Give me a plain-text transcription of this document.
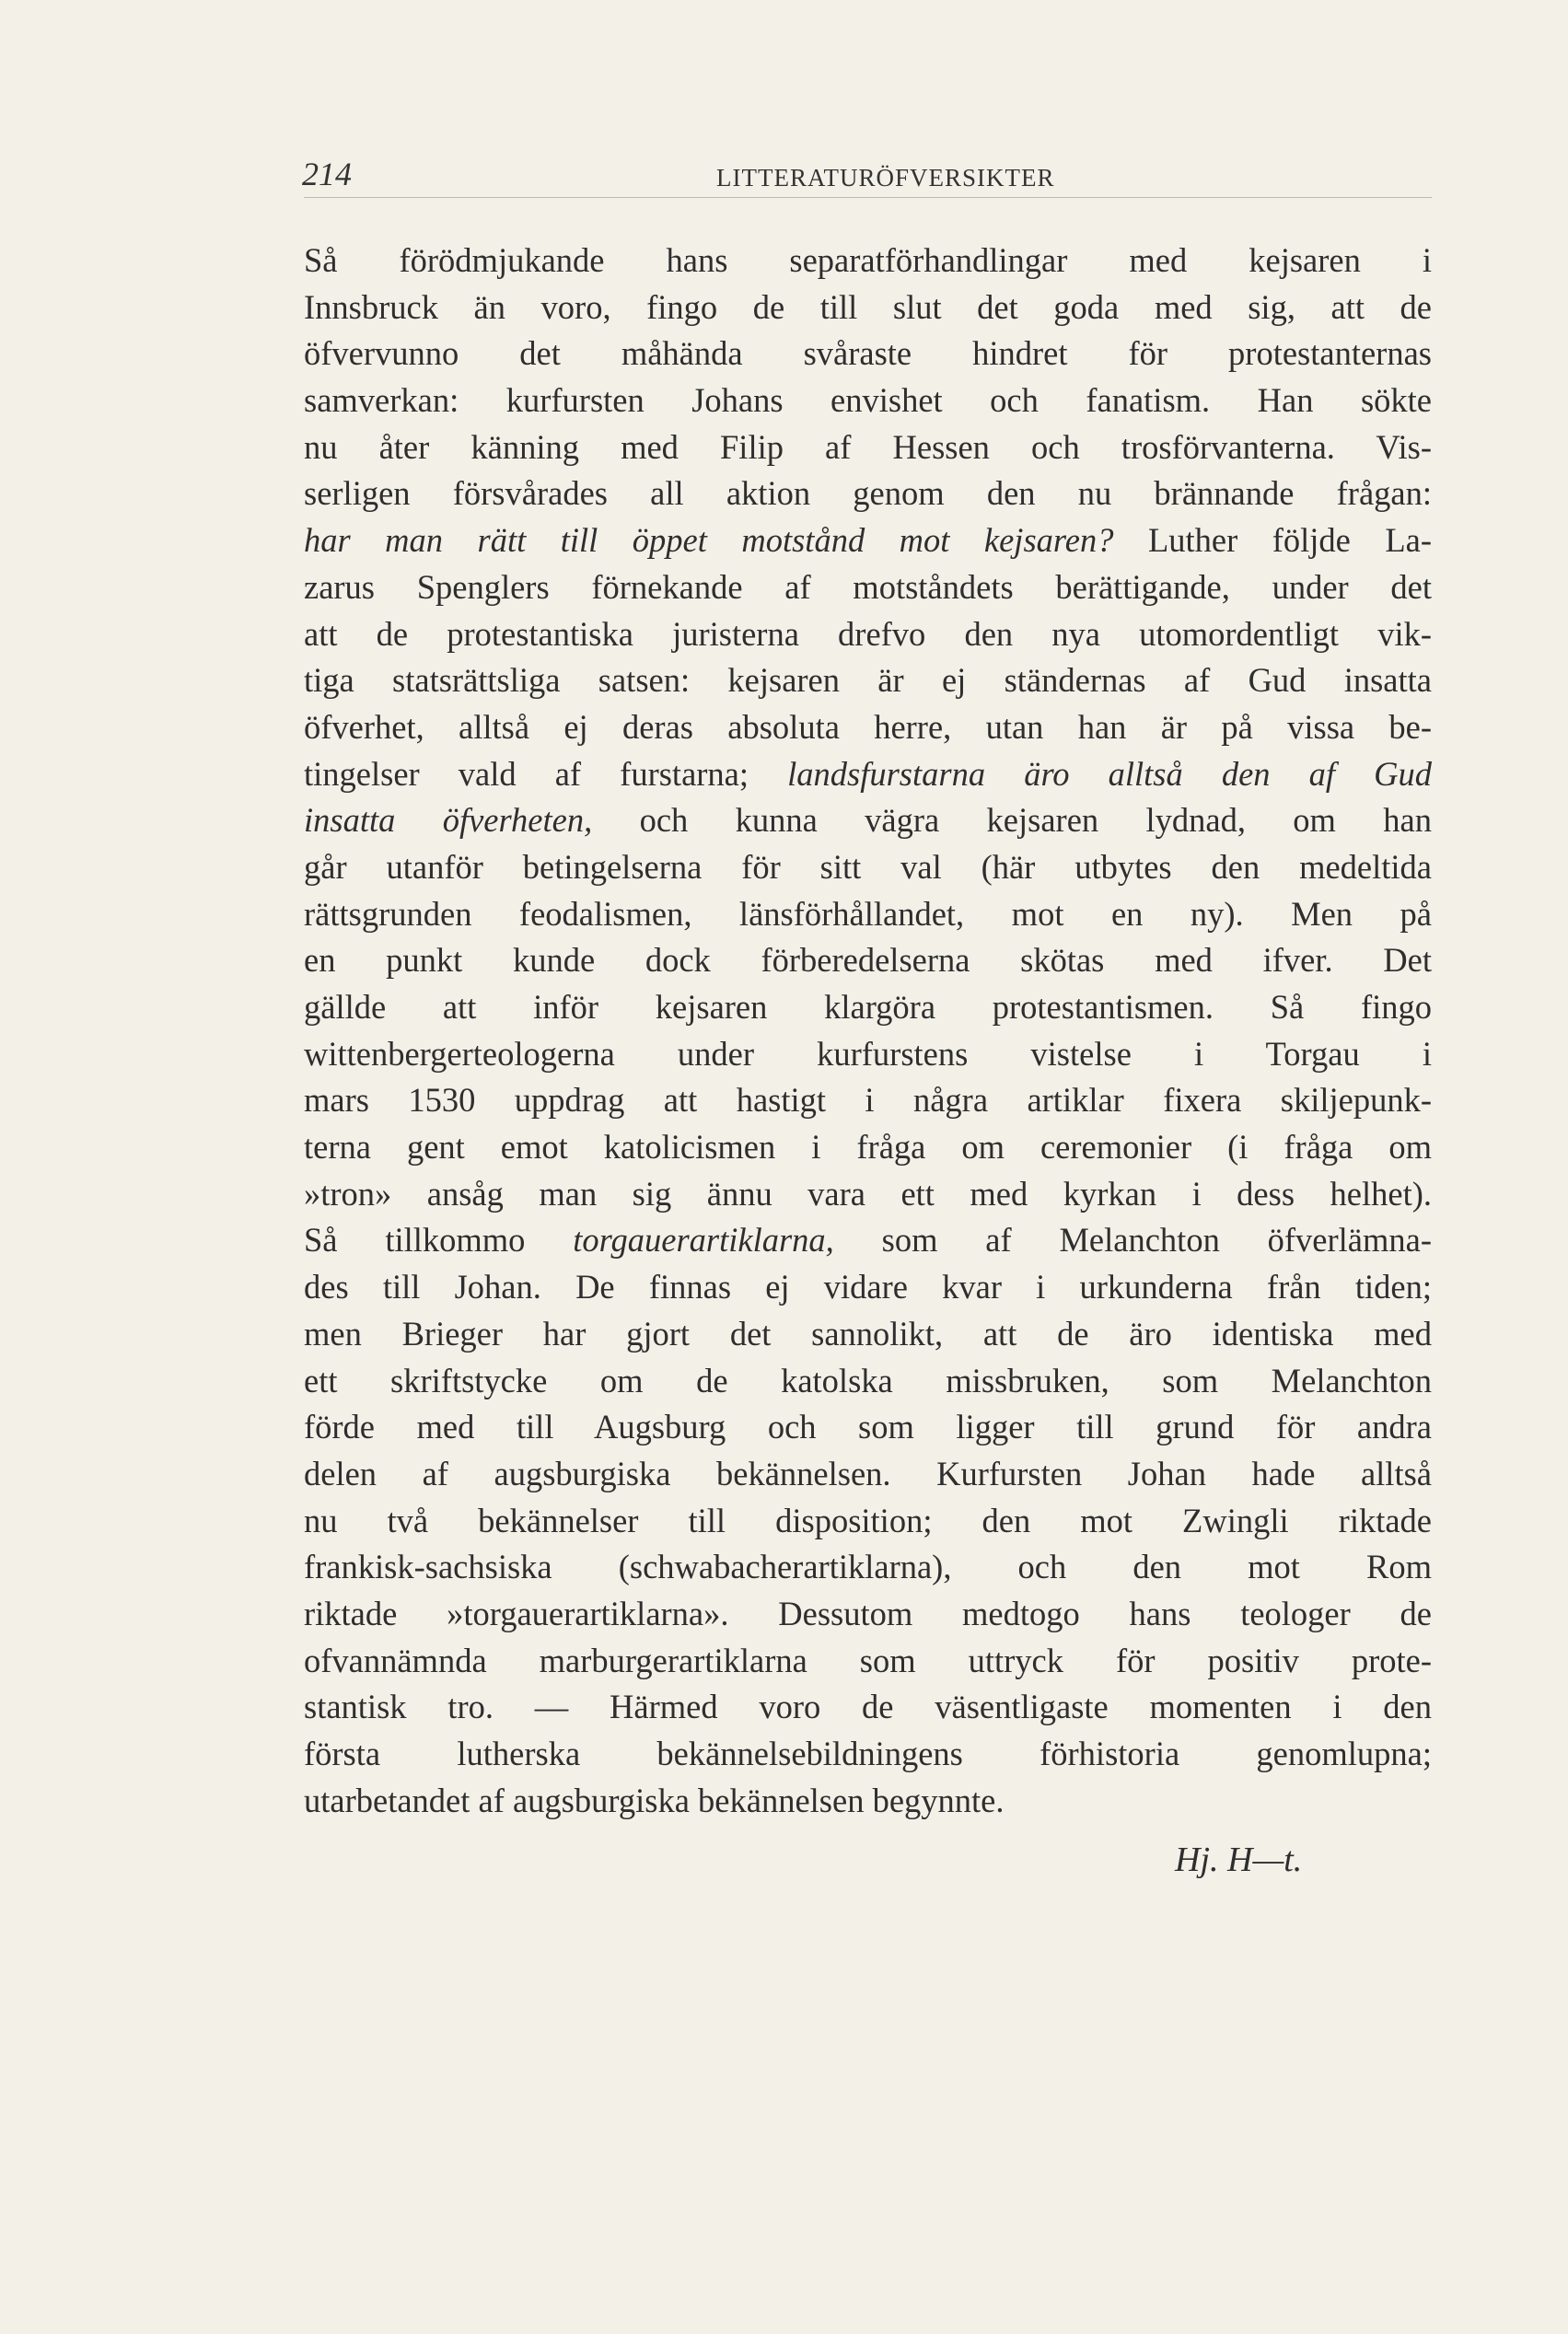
214	LITTERATURÖFVERSIKTER
Så förödmjukande hans separatförhandlingar med kejsaren i
Innsbruck än voro, fingo de till slut det goda med sig, att de
öfvervunno det måhända svåraste hindret för protestanternas
samverkan: kurfursten Johans envishet och fanatism. Han sökte
nu åter känning med Filip af Hessen och trosförvanterna. Vis-
serligen försvårades all aktion genom den nu brännande frågan:
har man rätt till öppet motstånd mot kejsaren? Luther följde La-
zarus Spenglers förnekande af motståndets berättigande, under det
att de protestantiska juristerna drefvo den nya utomordentligt vik-
tiga statsrättsliga satsen: kejsaren är ej ständernas af Gud insatta
öfverhet, alltså ej deras absoluta herre, utan han är på vissa be-
tingelser vald af furstarna; landsfurstarna äro alltså den af Gud
insatta öfverheten, och kunna vägra kejsaren lydnad, om han
går utanför betingelserna för sitt val (här utbytes den medeltida
rättsgrunden feodalismen, länsförhållandet, mot en ny). Men på
en punkt kunde dock förberedelserna skötas med ifver. Det
gällde att inför kejsaren klargöra protestantismen. Så fingo
wittenbergerteologerna under kurfurstens vistelse i Torgau i
mars 1530 uppdrag att hastigt i några artiklar fixera skiljepunk-
terna gent emot katolicismen i fråga om ceremonier (i fråga om
»tron» ansåg man sig ännu vara ett med kyrkan i dess helhet).
Så tillkommo torgauerartiklarna, som af Melanchton öfverlämna-
des till Johan. De finnas ej vidare kvar i urkunderna från tiden;
men Brieger har gjort det sannolikt, att de äro identiska med
ett skriftstycke om de katolska missbruken, som Melanchton
förde med till Augsburg och som ligger till grund för andra
delen af augsburgiska bekännelsen. Kurfursten Johan hade alltså
nu två bekännelser till disposition; den mot Zwingli riktade
frankisk-sachsiska (schwabacherartiklarna), och den mot Rom
riktade »torgauerartiklarna». Dessutom medtogo hans teologer de
ofvannämnda marburgerartiklarna som uttryck för positiv prote-
stantisk tro. — Härmed voro de väsentligaste momenten i den
första lutherska bekännelsebildningens förhistoria genomlupna;
utarbetandet af augsburgiska bekännelsen begynnte.
Hj. H—t.
